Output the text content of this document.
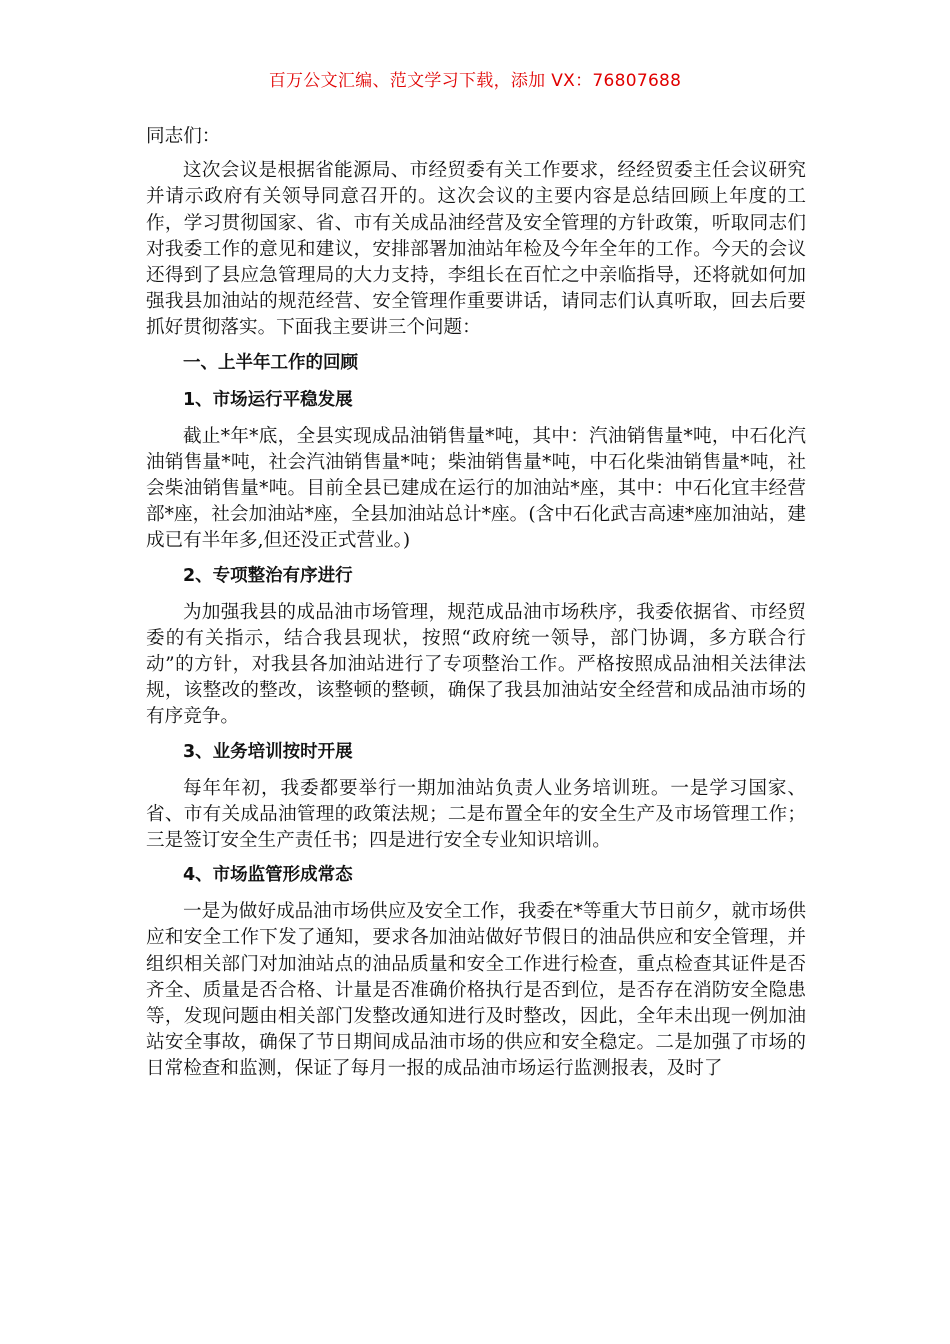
百万公文汇编、范文学习下载，添加 VX：76807688

同志们：

这次会议是根据省能源局、市经贸委有关工作要求，经经贸委主任会议研究并请示政府有关领导同意召开的。这次会议的主要内容是总结回顾上年度的工作，学习贯彻国家、省、市有关成品油经营及安全管理的方针政策，听取同志们对我委工作的意见和建议，安排部署加油站年检及今年全年的工作。今天的会议还得到了县应急管理局的大力支持，李组长在百忙之中亲临指导，还将就如何加强我县加油站的规范经营、安全管理作重要讲话，请同志们认真听取，回去后要抓好贯彻落实。下面我主要讲三个问题：

一、上半年工作的回顾
1、市场运行平稳发展

截止*年*底，全县实现成品油销售量*吨，其中：汽油销售量*吨，中石化汽油销售量*吨，社会汽油销售量*吨；柴油销售量*吨，中石化柴油销售量*吨，社会柴油销售量*吨。目前全县已建成在运行的加油站*座，其中：中石化宜丰经营部*座，社会加油站*座，全县加油站总计*座。(含中石化武吉高速*座加油站，建成已有半年多,但还没正式营业。)

2、专项整治有序进行

为加强我县的成品油市场管理，规范成品油市场秩序，我委依据省、市经贸委的有关指示，结合我县现状，按照“政府统一领导，部门协调，多方联合行动”的方针，对我县各加油站进行了专项整治工作。严格按照成品油相关法律法规，该整改的整改，该整顿的整顿，确保了我县加油站安全经营和成品油市场的有序竞争。

3、业务培训按时开展

每年年初，我委都要举行一期加油站负责人业务培训班。一是学习国家、省、市有关成品油管理的政策法规；二是布置全年的安全生产及市场管理工作；三是签订安全生产责任书；四是进行安全专业知识培训。

4、市场监管形成常态

一是为做好成品油市场供应及安全工作，我委在*等重大节日前夕，就市场供应和安全工作下发了通知，要求各加油站做好节假日的油品供应和安全管理，并组织相关部门对加油站点的油品质量和安全工作进行检查，重点检查其证件是否齐全、质量是否合格、计量是否准确价格执行是否到位，是否存在消防安全隐患等，发现问题由相关部门发整改通知进行及时整改，因此，全年未出现一例加油站安全事故，确保了节日期间成品油市场的供应和安全稳定。二是加强了市场的日常检查和监测，保证了每月一报的成品油市场运行监测报表，及时了
